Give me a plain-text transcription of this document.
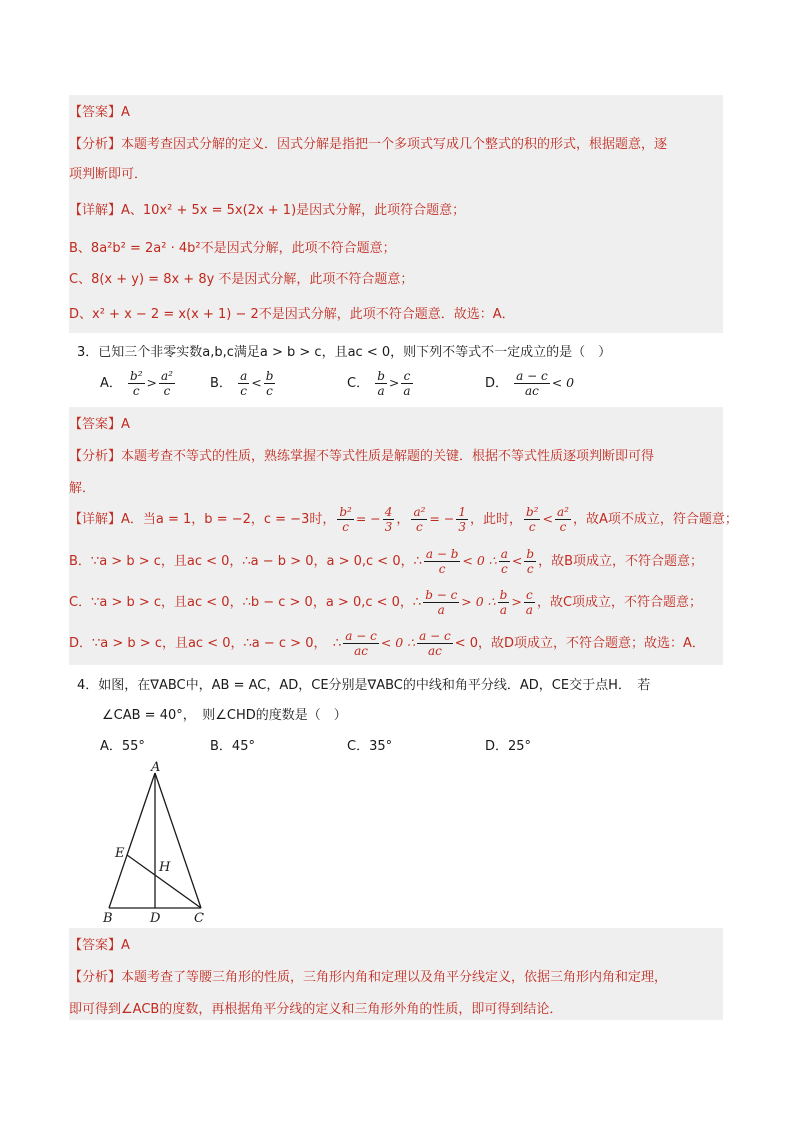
【答案】A
【分析】本题考查因式分解的定义．因式分解是指把一个多项式写成几个整式的积的形式，根据题意，逐
项判断即可．
【详解】A、10x² + 5x = 5x(2x + 1)是因式分解，此项符合题意；
B、8a²b² = 2a² · 4b²不是因式分解，此项不符合题意；
C、8(x + y) = 8x + 8y 不是因式分解，此项不符合题意；
D、x² + x − 2 = x(x + 1) − 2不是因式分解，此项不符合题意．故选：A．
3．已知三个非零实数a,b,c满足a > b > c，且ac < 0，则下列不等式不一定成立的是（　）
A． $\frac{\text{b²}}{c} > \frac{\text{a²}}{c}$	B． $\frac{a}{c} < \frac{b}{c}$	C． $\frac{b}{a} > \frac{c}{a}$	D． $\frac{a - c}{ac} < 0$
【答案】A
【分析】本题考查不等式的性质，熟练掌握不等式性质是解题的关键．根据不等式性质逐项判断即可得
解．
【详解】A．当a = 1，b = −2，c = −3时， $\frac{\text{b²}}{c}$ = − $\frac{4}{3}$ ， $\frac{\text{a²}}{c}$ = − $\frac{1}{3}$ ，此时， $\frac{\text{b²}}{c} < \frac{\text{a²}}{c}$ ，故A项不成立，符合题意；
B．∵a > b > c，且ac < 0，∴a − b > 0，a > 0,c < 0，∴ $\frac{a - b}{c} < 0$ ∴ $\frac{a}{c} < \frac{b}{c}$ ，故B项成立，不符合题意；
C．∵a > b > c，且ac < 0，∴b − c > 0，a > 0,c < 0，∴ $\frac{b - c}{a} > 0$ ∴ $\frac{b}{a} > \frac{c}{a}$ ，故C项成立，不符合题意；
D．∵a > b > c，且ac < 0，∴a − c > 0，　∴ $\frac{a - c}{ac} < 0$ ∴ $\frac{a - c}{ac} < 0$，故D项成立，不符合题意；故选：A．
4．如图，在∇ABC中，AB = AC，AD，CE分别是∇ABC的中线和角平分线．AD，CE交于点H．　若
∠CAB = 40°，　则∠CHD的度数是（　）
A．55°	B．45°	C．35°	D．25°
A
E
H
B	D	C
【答案】A
【分析】本题考查了等腰三角形的性质，三角形内角和定理以及角平分线定义，依据三角形内角和定理，
即可得到∠ACB的度数，再根据角平分线的定义和三角形外角的性质，即可得到结论．
